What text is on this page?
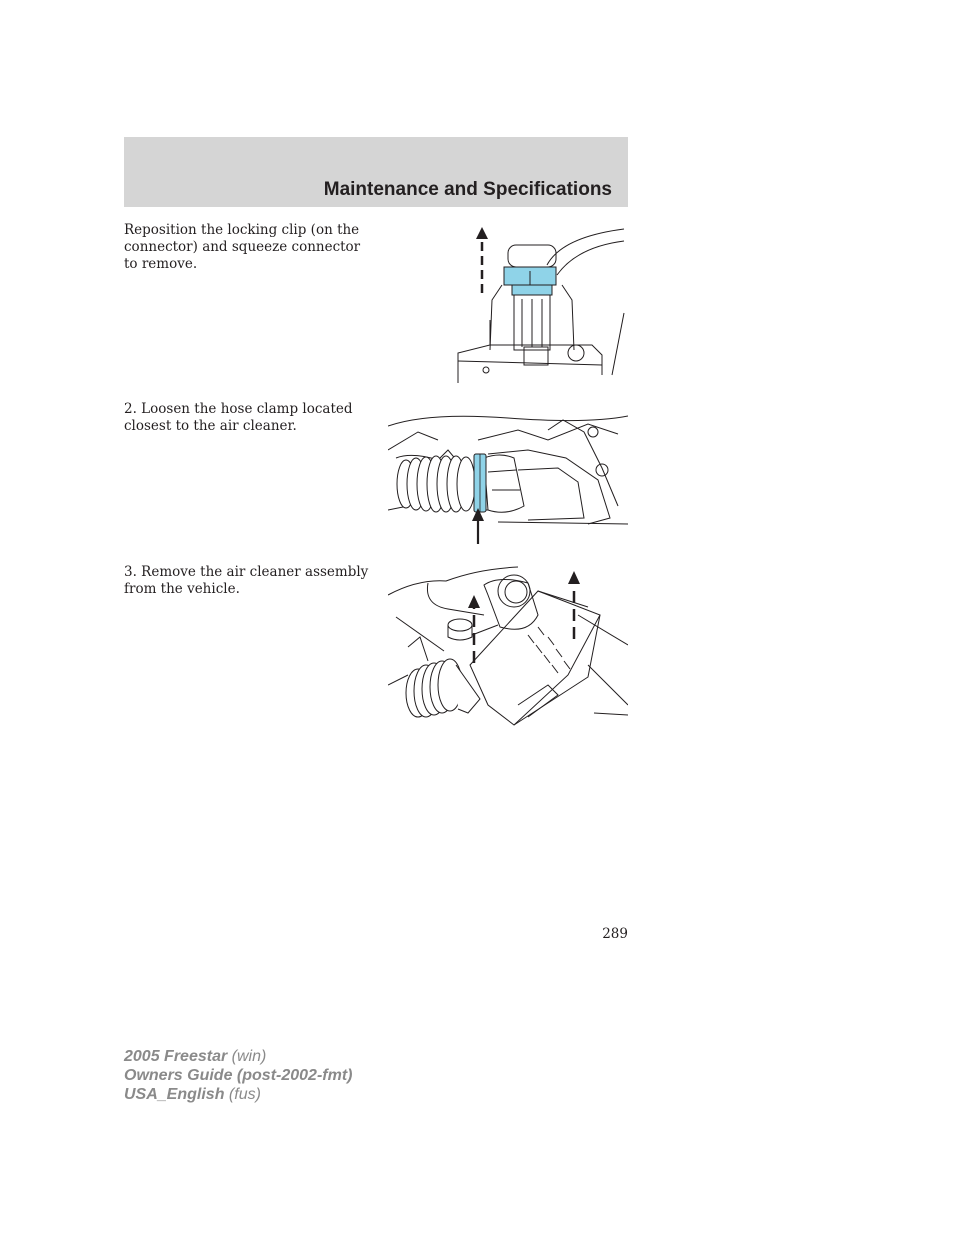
Maintenance and Specifications

Reposition the locking clip (on the connector) and squeeze connector to remove.

2. Loosen the hose clamp located closest to the air cleaner.

3. Remove the air cleaner assembly from the vehicle.

289
2005 Freestar (win)
Owners Guide (post-2002-fmt)
USA_English (fus)
